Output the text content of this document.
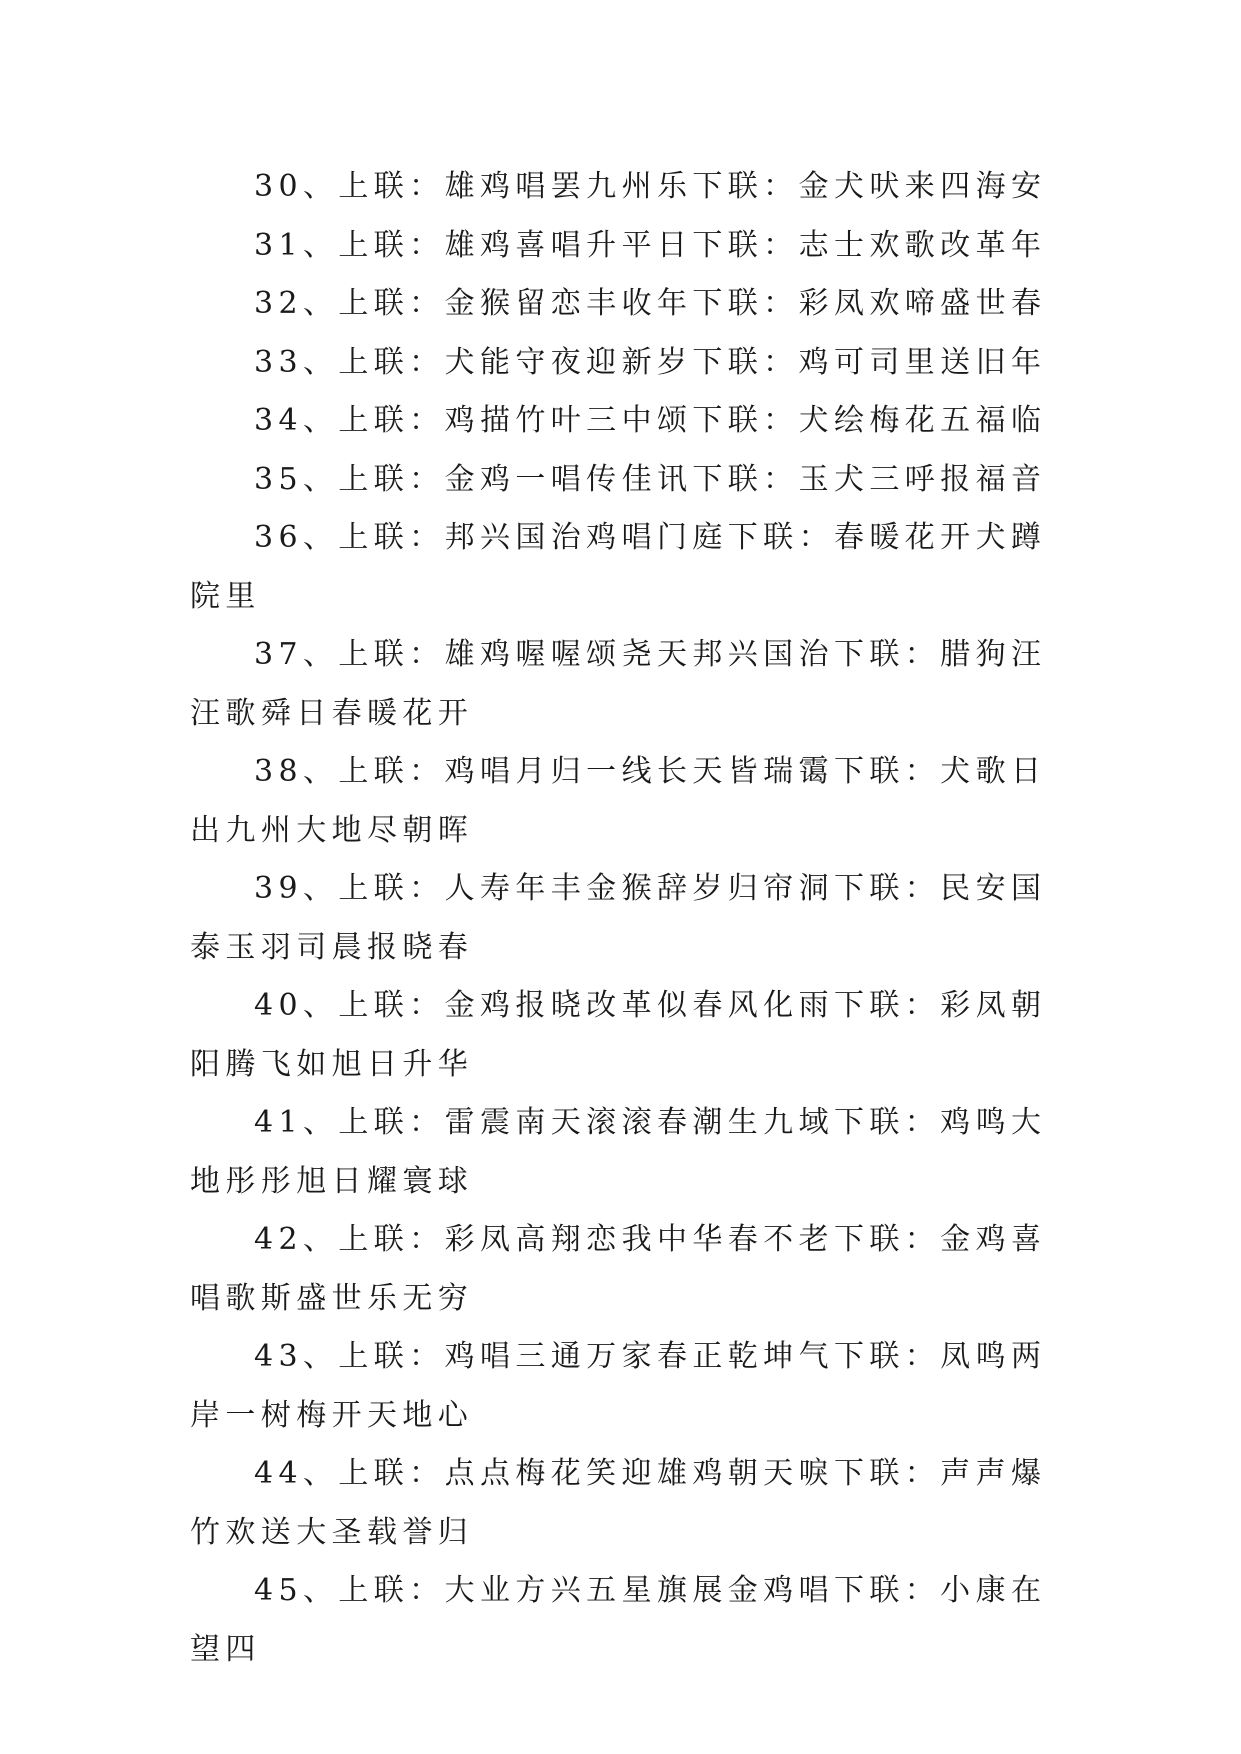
30、上联：雄鸡唱罢九州乐下联：金犬吠来四海安

31、上联：雄鸡喜唱升平日下联：志士欢歌改革年

32、上联：金猴留恋丰收年下联：彩凤欢啼盛世春

33、上联：犬能守夜迎新岁下联：鸡可司里送旧年

34、上联：鸡描竹叶三中颂下联：犬绘梅花五福临

35、上联：金鸡一唱传佳讯下联：玉犬三呼报福音

36、上联：邦兴国治鸡唱门庭下联：春暖花开犬蹲院里

37、上联：雄鸡喔喔颂尧天邦兴国治下联：腊狗汪汪歌舜日春暖花开

38、上联：鸡唱月归一线长天皆瑞霭下联：犬歌日出九州大地尽朝晖

39、上联：人寿年丰金猴辞岁归帘洞下联：民安国泰玉羽司晨报晓春

40、上联：金鸡报晓改革似春风化雨下联：彩凤朝阳腾飞如旭日升华

41、上联：雷震南天滚滚春潮生九域下联：鸡鸣大地彤彤旭日耀寰球

42、上联：彩凤高翔恋我中华春不老下联：金鸡喜唱歌斯盛世乐无穷

43、上联：鸡唱三通万家春正乾坤气下联：凤鸣两岸一树梅开天地心

44、上联：点点梅花笑迎雄鸡朝天唳下联：声声爆竹欢送大圣载誉归

45、上联：大业方兴五星旗展金鸡唱下联：小康在望四
